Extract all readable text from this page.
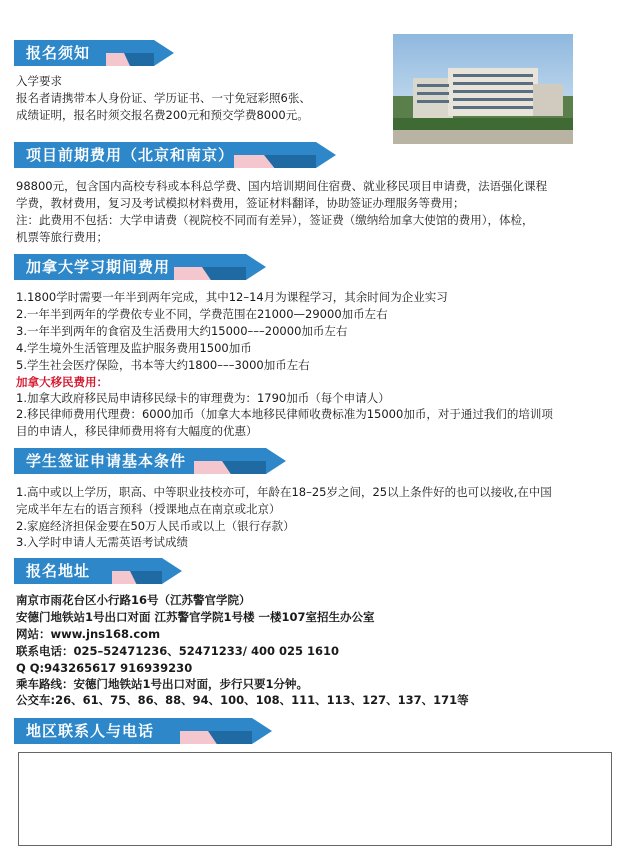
报名须知
入学要求
报名者请携带本人身份证、学历证书、一寸免冠彩照6张、
成绩证明，报名时须交报名费200元和预交学费8000元。
项目前期费用（北京和南京）
98800元，包含国内高校专科或本科总学费、国内培训期间住宿费、就业移民项目申请费，法语强化课程
学费，教材费用，复习及考试模拟材料费用，签证材料翻译，协助签证办理服务等费用；
注：此费用不包括：大学申请费（视院校不同而有差异），签证费（缴纳给加拿大使馆的费用），体检，
机票等旅行费用；
加拿大学习期间费用
1.1800学时需要一年半到两年完成，其中12–14月为课程学习，其余时间为企业实习
2.一年半到两年的学费依专业不同，学费范围在21000—29000加币左右
3.一年半到两年的食宿及生活费用大约15000–––20000加币左右
4.学生境外生活管理及监护服务费用1500加币
5.学生社会医疗保险，书本等大约1800–––3000加币左右
加拿大移民费用：
1.加拿大政府移民局申请移民绿卡的审理费为：1790加币（每个申请人）
2.移民律师费用代理费：6000加币（加拿大本地移民律师收费标准为15000加币，对于通过我们的培训项
目的申请人，移民律师费用将有大幅度的优惠）
学生签证申请基本条件
1.高中或以上学历，职高、中等职业技校亦可，年龄在18–25岁之间，25以上条件好的也可以接收,在中国
完成半年左右的语言预科（授课地点在南京或北京）
2.家庭经济担保金要在50万人民币或以上（银行存款）
3.入学时申请人无需英语考试成绩
报名地址
南京市雨花台区小行路16号（江苏警官学院）
安德门地铁站1号出口对面 江苏警官学院1号楼 一楼107室招生办公室
网站：www.jns168.com
联系电话：025–52471236、52471233/ 400 025 1610
Q Q:943265617 916939230
乘车路线：安德门地铁站1号出口对面，步行只要1分钟。
公交车:26、61、75、86、88、94、100、108、111、113、127、137、171等
地区联系人与电话
